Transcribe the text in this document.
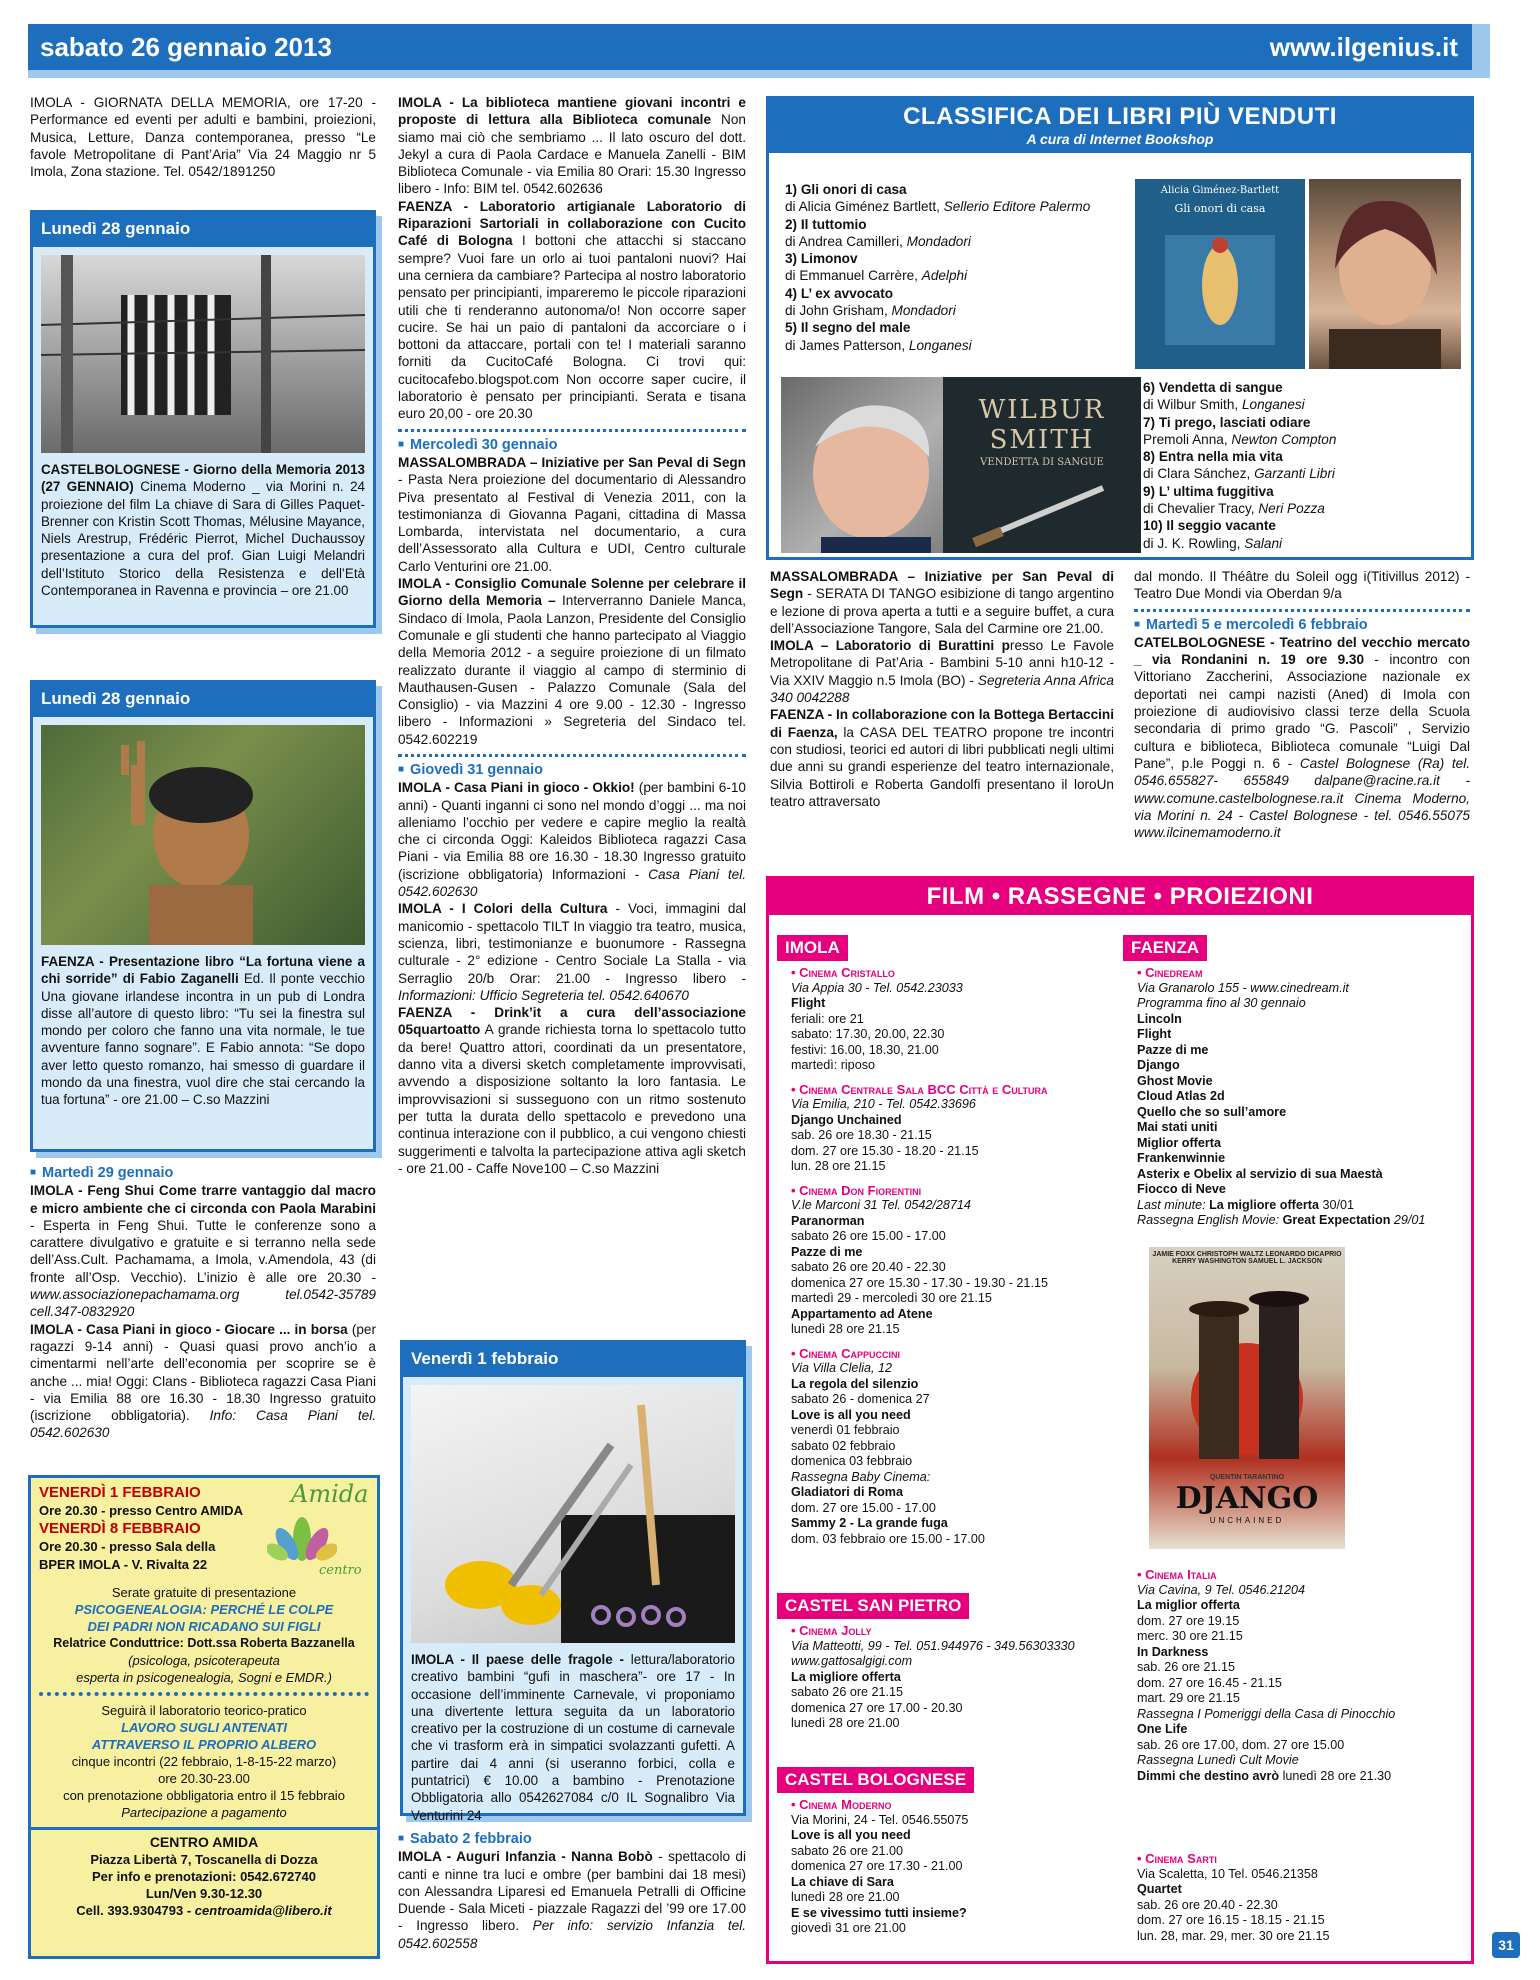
sabato 26 gennaio 2013	www.ilgenius.it

IMOLA - GIORNATA DELLA MEMORIA, ore 17-20 - Performance ed eventi per adulti e bambini, proiezioni, Musica, Letture, Danza contemporanea, presso “Le favole Metropolitane di Pant’Aria” Via 24 Maggio nr 5 Imola, Zona stazione. Tel. 0542/1891250

Lunedì 28 gennaio
CASTELBOLOGNESE - Giorno della Memoria 2013 (27 GENNAIO) Cinema Moderno _ via Morini n. 24 proiezione del film La chiave di Sara di Gilles Paquet-Brenner con Kristin Scott Thomas, Mélusine Mayance, Niels Arestrup, Frédéric Pierrot, Michel Duchaussoy presentazione a cura del prof. Gian Luigi Melandri dell’Istituto Storico della Resistenza e dell’Età Contemporanea in Ravenna e provincia – ore 21.00
Lunedì 28 gennaio
FAENZA - Presentazione libro “La fortuna viene a chi sorride” di Fabio Zaganelli Ed. Il ponte vecchio Una giovane irlandese incontra in un pub di Londra disse all’autore di questo libro: “Tu sei la finestra sul mondo per coloro che fanno una vita normale, le tue avventure fanno sognare”. E Fabio annota: “Se dopo aver letto questo romanzo, hai smesso di guardare il mondo da una finestra, vuol dire che stai cercando la tua fortuna” - ore 21.00 – C.so Mazzini
■ Martedì 29 gennaio

IMOLA - Feng Shui Come trarre vantaggio dal macro e micro ambiente che ci circonda con Paola Marabini - Esperta in Feng Shui. Tutte le conferenze sono a carattere divulgativo e gratuite e si terranno nella sede dell’Ass.Cult. Pachamama, a Imola, v.Amendola, 43 (di fronte all’Osp. Vecchio). L’inizio è alle ore 20.30 - www.associazionepachamama.org tel.0542-35789 cell.347-0832920

IMOLA - Casa Piani in gioco - Giocare ... in borsa (per ragazzi 9-14 anni) - Quasi quasi provo anch’io a cimentarmi nell’arte dell’economia per scoprire se è anche ... mia! Oggi: Clans - Biblioteca ragazzi Casa Piani - via Emilia 88 ore 16.30 - 18.30 Ingresso gratuito (iscrizione obbligatoria). Info: Casa Piani tel. 0542.602630

VENERDÌ 1 FEBBRAIO
Ore 20.30 - presso Centro AMIDA
VENERDÌ 8 FEBBRAIO
Ore 20.30 - presso Sala della
BPER IMOLA - V. Rivalta 22
Amida
centro
Serate gratuite di presentazione
PSICOGENEALOGIA: PERCHÉ LE COLPE
DEI PADRI NON RICADANO SUI FIGLI
Relatrice Conduttrice: Dott.ssa Roberta Bazzanella
(psicologa, psicoterapeuta
esperta in psicogenealogia, Sogni e EMDR.)
Seguirà il laboratorio teorico-pratico
LAVORO SUGLI ANTENATI
ATTRAVERSO IL PROPRIO ALBERO
cinque incontri (22 febbraio, 1-8-15-22 marzo)
ore 20.30-23.00
con prenotazione obbligatoria entro il 15 febbraio
Partecipazione a pagamento
CENTRO AMIDA
Piazza Libertà 7, Toscanella di Dozza
Per info e prenotazioni: 0542.672740
Lun/Ven 9.30-12.30
Cell. 393.9304793 - centroamida@libero.it

IMOLA - La biblioteca mantiene giovani incontri e proposte di lettura alla Biblioteca comunale Non siamo mai ciò che sembriamo ... Il lato oscuro del dott. Jekyl a cura di Paola Cardace e Manuela Zanelli - BIM Biblioteca Comunale - via Emilia 80 Orari: 15.30 Ingresso libero - Info: BIM tel. 0542.602636

FAENZA - Laboratorio artigianale Laboratorio di Riparazioni Sartoriali in collaborazione con Cucito Café di Bologna I bottoni che attacchi si staccano sempre? Vuoi fare un orlo ai tuoi pantaloni nuovi? Hai una cerniera da cambiare? Partecipa al nostro laboratorio pensato per principianti, impareremo le piccole riparazioni utili che ti renderanno autonoma/o! Non occorre saper cucire. Se hai un paio di pantaloni da accorciare o i bottoni da attaccare, portali con te! I materiali saranno forniti da CucitoCafé Bologna. Ci trovi qui: cucitocafebo.blogspot.com Non occorre saper cucire, il laboratorio è pensato per principianti. Serata e tisana euro 20,00 - ore 20.30

■ Mercoledì 30 gennaio

MASSALOMBRADA – Iniziative per San Peval di Segn - Pasta Nera proiezione del documentario di Alessandro Piva presentato al Festival di Venezia 2011, con la testimonianza di Giovanna Pagani, cittadina di Massa Lombarda, intervistata nel documentario, a cura dell’Assessorato alla Cultura e UDI, Centro culturale Carlo Venturini ore 21.00.

IMOLA - Consiglio Comunale Solenne per celebrare il Giorno della Memoria – Interverranno Daniele Manca, Sindaco di Imola, Paola Lanzon, Presidente del Consiglio Comunale e gli studenti che hanno partecipato al Viaggio della Memoria 2012 - a seguire proiezione di un filmato realizzato durante il viaggio al campo di sterminio di Mauthausen-Gusen - Palazzo Comunale (Sala del Consiglio) - via Mazzini 4 ore 9.00 - 12.30 - Ingresso libero - Informazioni » Segreteria del Sindaco tel. 0542.602219

■ Giovedì 31 gennaio

IMOLA - Casa Piani in gioco - Okkio! (per bambini 6-10 anni) - Quanti inganni ci sono nel mondo d’oggi ... ma noi alleniamo l’occhio per vedere e capire meglio la realtà che ci circonda Oggi: Kaleidos Biblioteca ragazzi Casa Piani - via Emilia 88 ore 16.30 - 18.30 Ingresso gratuito (iscrizione obbligatoria) Informazioni - Casa Piani tel. 0542.602630

IMOLA - I Colori della Cultura - Voci, immagini dal manicomio - spettacolo TILT In viaggio tra teatro, musica, scienza, libri, testimonianze e buonumore - Rassegna culturale - 2° edizione - Centro Sociale La Stalla - via Serraglio 20/b Orar: 21.00 - Ingresso libero - Informazioni: Ufficio Segreteria tel. 0542.640670

FAENZA - Drink’it a cura dell’associazione 05quartoatto A grande richiesta torna lo spettacolo tutto da bere! Quattro attori, coordinati da un presentatore, danno vita a diversi sketch completamente improvvisati, avvendo a disposizione soltanto la loro fantasia. Le improvvisazioni si susseguono con un ritmo sostenuto per tutta la durata dello spettacolo e prevedono una continua interazione con il pubblico, a cui vengono chiesti suggerimenti e talvolta la partecipazione attiva agli sketch - ore 21.00 - Caffe Nove100 – C.so Mazzini

Venerdì 1 febbraio
IMOLA - Il paese delle fragole - lettura/laboratorio creativo bambini “gufi in maschera”- ore 17 - In occasione dell’imminente Carnevale, vi proponiamo una divertente lettura seguita da un laboratorio creativo per la costruzione di un costume di carnevale che vi trasform erà in simpatici svolazzanti gufetti. A partire dai 4 anni (si useranno forbici, colla e puntatrici) € 10.00 a bambino - Prenotazione Obbligatoria allo 0542627084 c/0 IL Sognalibro Via Venturini 24
■ Sabato 2 febbraio

IMOLA - Auguri Infanzia - Nanna Bobò - spettacolo di canti e ninne tra luci e ombre (per bambini dai 18 mesi) con Alessandra Liparesi ed Emanuela Petralli di Officine Duende - Sala Miceti - piazzale Ragazzi del ’99 ore 17.00 - Ingresso libero. Per info: servizio Infanzia tel. 0542.602558

CLASSIFICA DEI LIBRI PIÙ VENDUTI
A cura di Internet Bookshop
1) Gli onori di casa
di Alicia Giménez Bartlett, Sellerio Editore Palermo
2) Il tuttomio
di Andrea Camilleri, Mondadori
3) Limonov
di Emmanuel Carrère, Adelphi
4) L’ ex avvocato
di John Grisham, Mondadori
5) Il segno del male
di James Patterson, Longanesi
Alicia Giménez-Bartlett
Gli onori di casa
WILBUR
SMITH
VENDETTA DI SANGUE
6) Vendetta di sangue
di Wilbur Smith, Longanesi
7) Ti prego, lasciati odiare
Premoli Anna, Newton Compton
8) Entra nella mia vita
di Clara Sánchez, Garzanti Libri
9) L’ ultima fuggitiva
di Chevalier Tracy, Neri Pozza
10) Il seggio vacante
di J. K. Rowling, Salani

MASSALOMBRADA – Iniziative per San Peval di Segn - SERATA DI TANGO esibizione di tango argentino e lezione di prova aperta a tutti e a seguire buffet, a cura dell’Associazione Tangore, Sala del Carmine ore 21.00.

IMOLA – Laboratorio di Burattini presso Le Favole Metropolitane di Pat’Aria - Bambini 5-10 anni h10-12 - Via XXIV Maggio n.5 Imola (BO) - Segreteria Anna Africa 340 0042288

FAENZA - In collaborazione con la Bottega Bertaccini di Faenza, la CASA DEL TEATRO propone tre incontri con studiosi, teorici ed autori di libri pubblicati negli ultimi due anni su grandi esperienze del teatro internazionale, Silvia Bottiroli e Roberta Gandolfi presentano il loroUn teatro attraversato

dal mondo. Il Théâtre du Soleil ogg i(Titivillus 2012) - Teatro Due Mondi via Oberdan 9/a

■ Martedì 5 e mercoledì 6 febbraio

CATELBOLOGNESE - Teatrino del vecchio mercato _ via Rondanini n. 19 ore 9.30 - incontro con Vittoriano Zaccherini, Associazione nazionale ex deportati nei campi nazisti (Aned) di Imola con proiezione di audiovisivo classi terze della Scuola secondaria di primo grado “G. Pascoli” , Servizio cultura e biblioteca, Biblioteca comunale “Luigi Dal Pane”, p.le Poggi n. 6 - Castel Bolognese (Ra) tel. 0546.655827- 655849 dalpane@racine.ra.it - www.comune.castelbolognese.ra.it Cinema Moderno, via Morini n. 24 - Castel Bolognese - tel. 0546.55075 www.ilcinemamoderno.it

FILM • RASSEGNE • PROIEZIONI
IMOLA
• Cinema Cristallo
Via Appia 30 - Tel. 0542.23033
Flight
feriali: ore 21
sabato: 17.30, 20.00, 22.30
festivi: 16.00, 18.30, 21.00
martedì: riposo
• Cinema Centrale Sala BCC Città e Cultura
Via Emilia, 210 - Tel. 0542.33696
Django Unchained
sab. 26 ore 18.30 - 21.15
dom. 27 ore 15.30 - 18.20 - 21.15
lun. 28 ore 21.15
• Cinema Don Fiorentini
V.le Marconi 31 Tel. 0542/28714
Paranorman
sabato 26 ore 15.00 - 17.00
Pazze di me
sabato 26 ore 20.40 - 22.30
domenica 27 ore 15.30 - 17.30 - 19.30 - 21.15
martedì 29 - mercoledì 30 ore 21.15
Appartamento ad Atene
lunedì 28 ore 21.15
• Cinema Cappuccini
Via Villa Clelia, 12
La regola del silenzio
sabato 26 - domenica 27
Love is all you need
venerdì 01 febbraio
sabato 02 febbraio
domenica 03 febbraio
Rassegna Baby Cinema:
Gladiatori di Roma
dom. 27 ore 15.00 - 17.00
Sammy 2 - La grande fuga
dom. 03 febbraio ore 15.00 - 17.00
CASTEL SAN PIETRO
• Cinema Jolly
Via Matteotti, 99 - Tel. 051.944976 - 349.56303330
www.gattosalgigi.com
La migliore offerta
sabato 26 ore 21.15
domenica 27 ore 17.00 - 20.30
lunedì 28 ore 21.00
CASTEL BOLOGNESE
• Cinema Moderno
Via Morini, 24 - Tel. 0546.55075
Love is all you need
sabato 26 ore 21.00
domenica 27 ore 17.30 - 21.00
La chiave di Sara
lunedì 28 ore 21.00
E se vivessimo tutti insieme?
giovedì 31 ore 21.00
FAENZA
• Cinedream
Via Granarolo 155 - www.cinedream.it
Programma fino al 30 gennaio
Lincoln
Flight
Pazze di me
Django
Ghost Movie
Cloud Atlas 2d
Quello che so sull’amore
Mai stati uniti
Miglior offerta
Frankenwinnie
Asterix e Obelix al servizio di sua Maestà
Fiocco di Neve
Last minute: La migliore offerta 30/01
Rassegna English Movie: Great Expectation 29/01
JAMIE FOXX CHRISTOPH WALTZ LEONARDO DICAPRIO KERRY WASHINGTON SAMUEL L. JACKSON
QUENTIN TARANTINO
DJANGO
UNCHAINED
• Cinema Italia
Via Cavina, 9 Tel. 0546.21204
La miglior offerta
dom. 27 ore 19.15
merc. 30 ore 21.15
In Darkness
sab. 26 ore 21.15
dom. 27 ore 16.45 - 21.15
mart. 29 ore 21.15
Rassegna I Pomeriggi della Casa di Pinocchio
One Life
sab. 26 ore 17.00, dom. 27 ore 15.00
Rassegna Lunedì Cult Movie
Dimmi che destino avrò lunedì 28 ore 21.30
• Cinema Sarti
Via Scaletta, 10 Tel. 0546.21358
Quartet
sab. 26 ore 20.40 - 22.30
dom. 27 ore 16.15 - 18.15 - 21.15
lun. 28, mar. 29, mer. 30 ore 21.15
31
